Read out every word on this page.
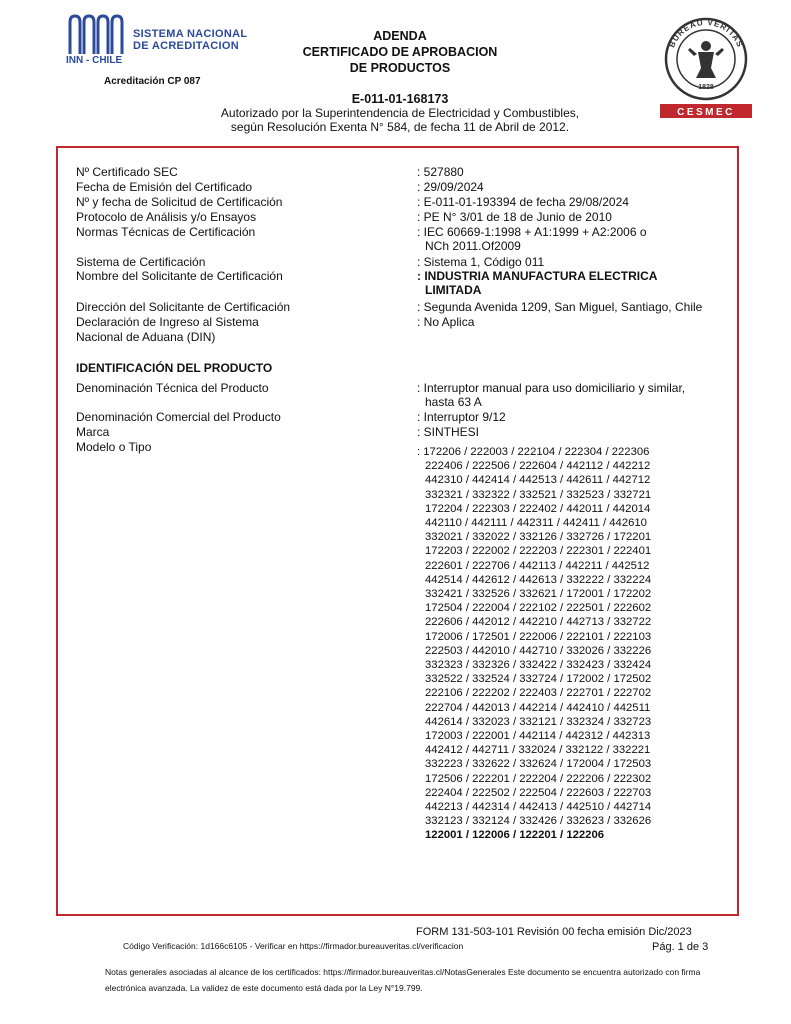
SISTEMA NACIONAL
DE ACREDITACION
INN - CHILE
Acreditación CP 087
ADENDA
CERTIFICADO DE APROBACION
DE PRODUCTOS
E-011-01-168173
Autorizado por la Superintendencia de Electricidad y Combustibles,
según Resolución Exenta N° 584, de fecha 11 de Abril de 2012.
BUREAU VERITAS
1828
CESMEC
Nº Certificado SEC	: 527880
Fecha de Emisión del Certificado	: 29/09/2024
Nº y fecha de Solicitud de Certificación	: E-011-01-193394 de fecha 29/08/2024
Protocolo de Análisis y/o Ensayos	: PE N° 3/01 de 18 de Junio de 2010
Normas Técnicas de Certificación	: IEC 60669-1:1998 + A1:1999 + A2:2006 o
NCh 2011.Of2009
Sistema de Certificación	: Sistema 1, Código 011
Nombre del Solicitante de Certificación	: INDUSTRIA MANUFACTURA ELECTRICA
LIMITADA
Dirección del Solicitante de Certificación	: Segunda Avenida 1209, San Miguel, Santiago, Chile
Declaración de Ingreso al Sistema
Nacional de Aduana (DIN)
: No Aplica
IDENTIFICACIÓN DEL PRODUCTO
Denominación Técnica del Producto	: Interruptor manual para uso domiciliario y similar,
hasta 63 A
Denominación Comercial del Producto	: Interruptor 9/12
Marca	: SINTHESI
Modelo o Tipo	: 172206 / 222003 / 222104 / 222304 / 222306
222406 / 222506 / 222604 / 442112 / 442212
442310 / 442414 / 442513 / 442611 / 442712
332321 / 332322 / 332521 / 332523 / 332721
172204 / 222303 / 222402 / 442011 / 442014
442110 / 442111 / 442311 / 442411 / 442610
332021 / 332022 / 332126 / 332726 / 172201
172203 / 222002 / 222203 / 222301 / 222401
222601 / 222706 / 442113 / 442211 / 442512
442514 / 442612 / 442613 / 332222 / 332224
332421 / 332526 / 332621 / 172001 / 172202
172504 / 222004 / 222102 / 222501 / 222602
222606 / 442012 / 442210 / 442713 / 332722
172006 / 172501 / 222006 / 222101 / 222103
222503 / 442010 / 442710 / 332026 / 332226
332323 / 332326 / 332422 / 332423 / 332424
332522 / 332524 / 332724 / 172002 / 172502
222106 / 222202 / 222403 / 222701 / 222702
222704 / 442013 / 442214 / 442410 / 442511
442614 / 332023 / 332121 / 332324 / 332723
172003 / 222001 / 442114 / 442312 / 442313
442412 / 442711 / 332024 / 332122 / 332221
332223 / 332622 / 332624 / 172004 / 172503
172506 / 222201 / 222204 / 222206 / 222302
222404 / 222502 / 222504 / 222603 / 222703
442213 / 442314 / 442413 / 442510 / 442714
332123 / 332124 / 332426 / 332623 / 332626
122001 / 122006 / 122201 / 122206
FORM 131-503-101 Revisión 00 fecha emisión Dic/2023
Código Verificación: 1d166c6105 - Verificar en https://firmador.bureauveritas.cl/verificacion	Pág. 1 de 3
Notas generales asociadas al alcance de los certificados: https://firmador.bureauveritas.cl/NotasGenerales Este documento se encuentra autorizado con firma
electrónica avanzada. La validez de este documento está dada por la Ley N°19.799.
